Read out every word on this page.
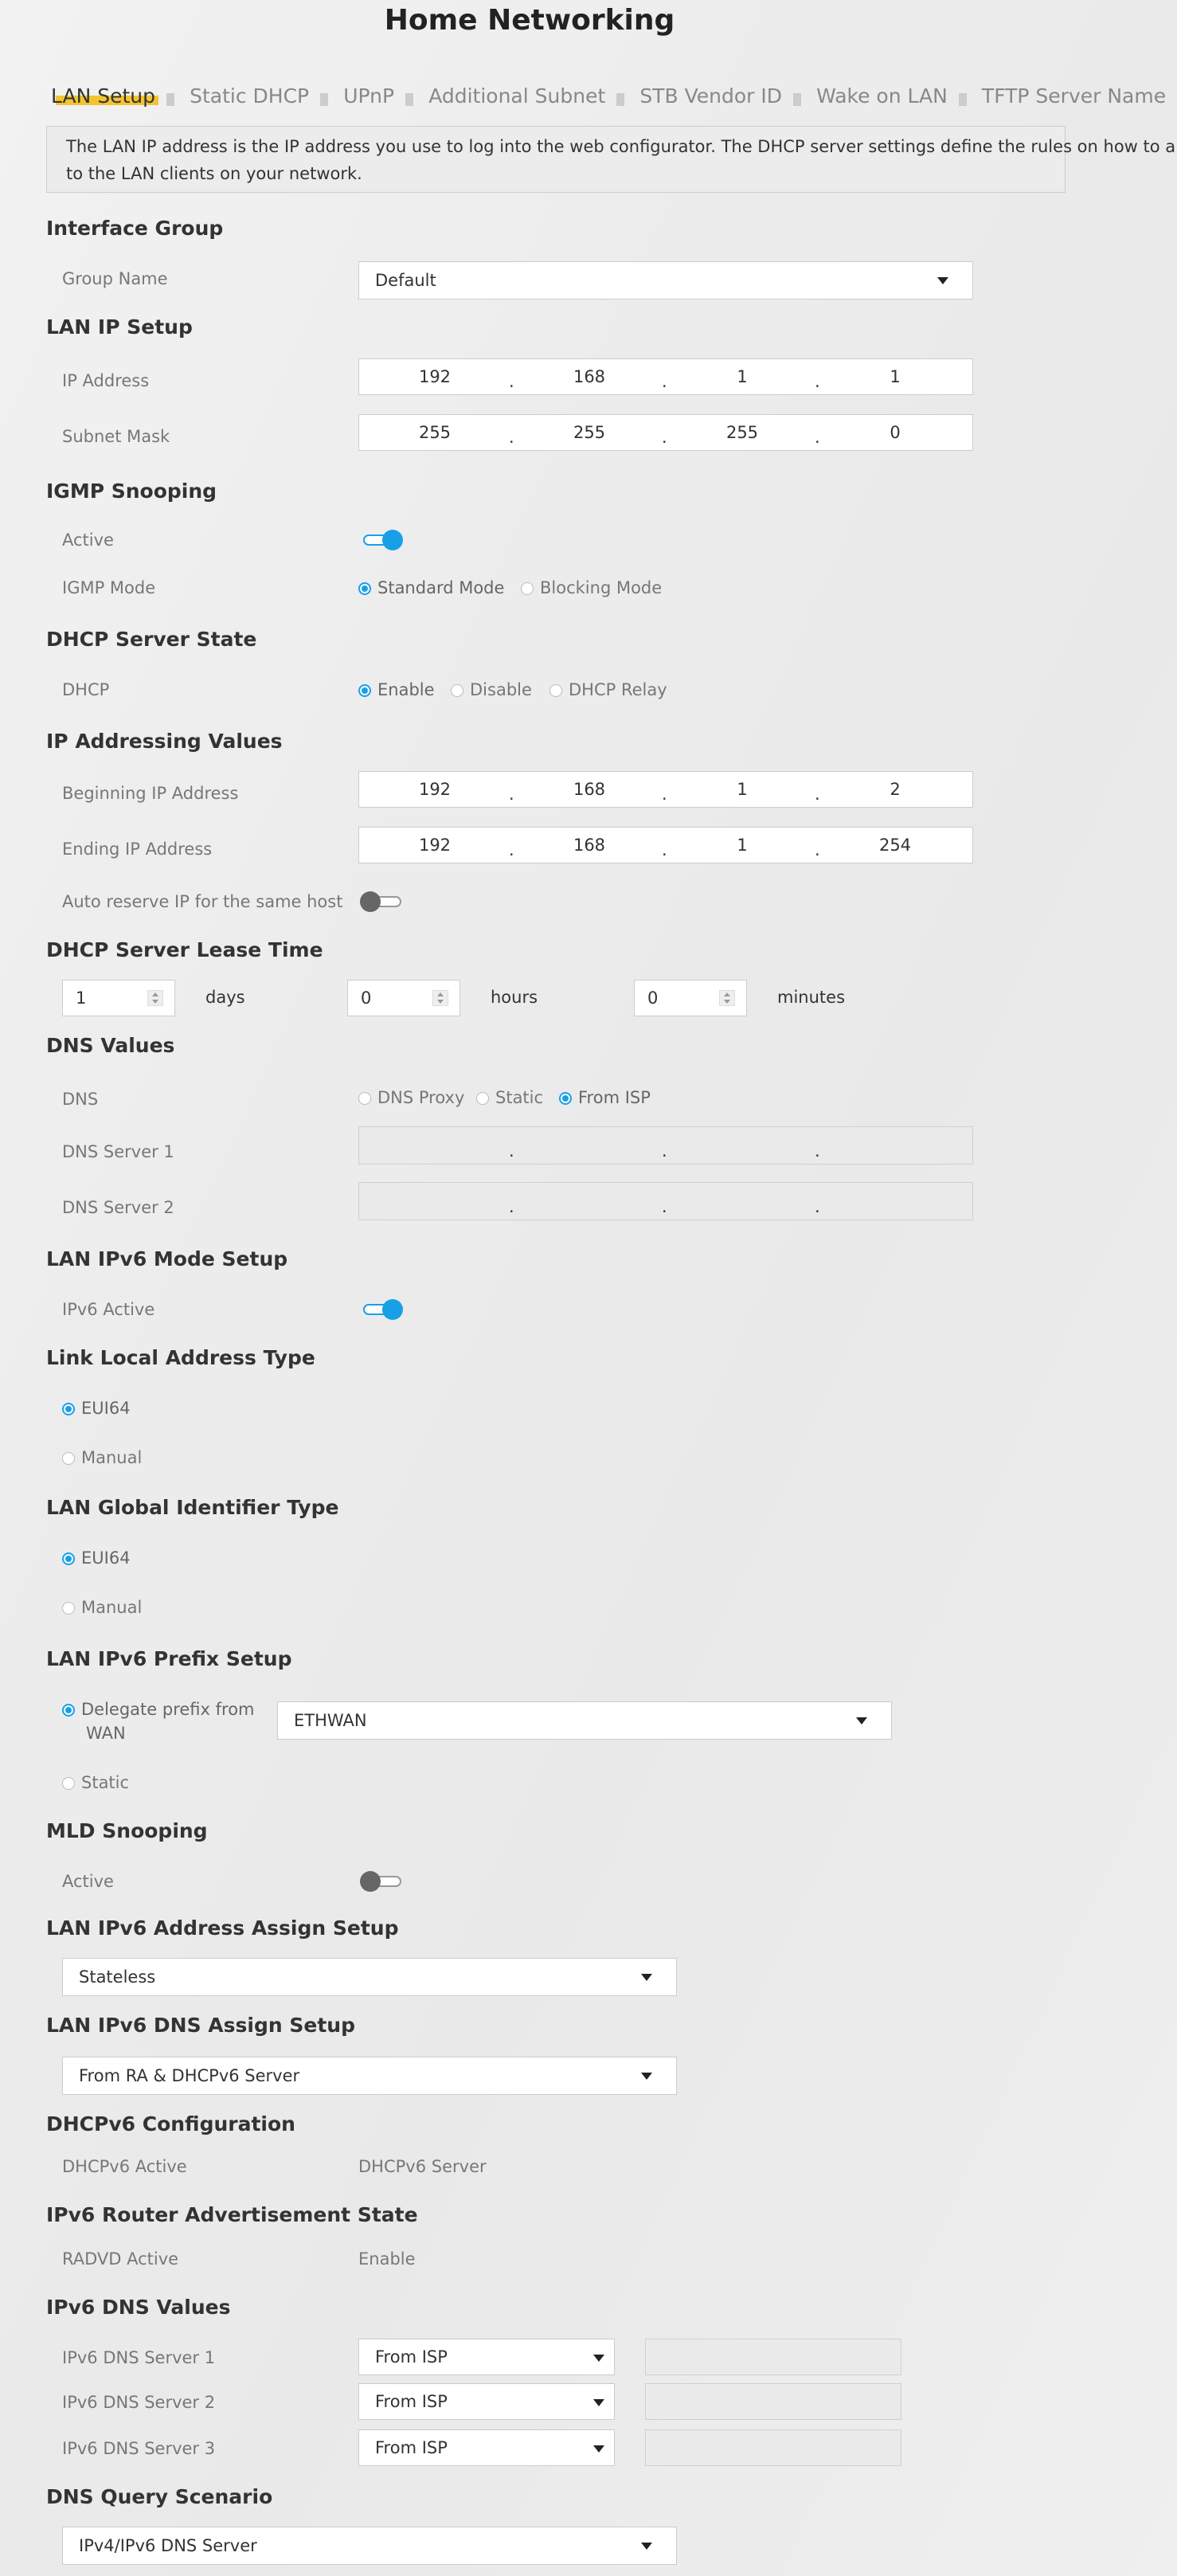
Home Networking
LAN Setup Static DHCP UPnP Additional Subnet STB Vendor ID Wake on LAN TFTP Server Name
The LAN IP address is the IP address you use to log into the web configurator. The DHCP server settings define the rules on how to a
to the LAN clients on your network.
Interface Group
Group Name	Default
LAN IP Setup
IP Address	192	.	168	.	1	.	1
Subnet Mask	255	.	255	.	255	.	0
IGMP Snooping
Active
IGMP Mode	Standard Mode	Blocking Mode
DHCP Server State
DHCP	Enable	Disable	DHCP Relay
IP Addressing Values
Beginning IP Address	192	.	168	.	1	.	2
Ending IP Address	192	.	168	.	1	.	254
Auto reserve IP for the same host
DHCP Server Lease Time
1	days	0	hours	0	minutes
DNS Values
DNS	DNS Proxy	Static	From ISP
DNS Server 1	.	.	.
DNS Server 2	.	.	.
LAN IPv6 Mode Setup
IPv6 Active
Link Local Address Type
EUI64
Manual
LAN Global Identifier Type
EUI64
Manual
LAN IPv6 Prefix Setup
Delegate prefix from
WAN
ETHWAN
Static
MLD Snooping
Active
LAN IPv6 Address Assign Setup
Stateless
LAN IPv6 DNS Assign Setup
From RA & DHCPv6 Server
DHCPv6 Configuration
DHCPv6 Active	DHCPv6 Server
IPv6 Router Advertisement State
RADVD Active	Enable
IPv6 DNS Values
IPv6 DNS Server 1	From ISP
IPv6 DNS Server 2	From ISP
IPv6 DNS Server 3	From ISP
DNS Query Scenario
IPv4/IPv6 DNS Server
